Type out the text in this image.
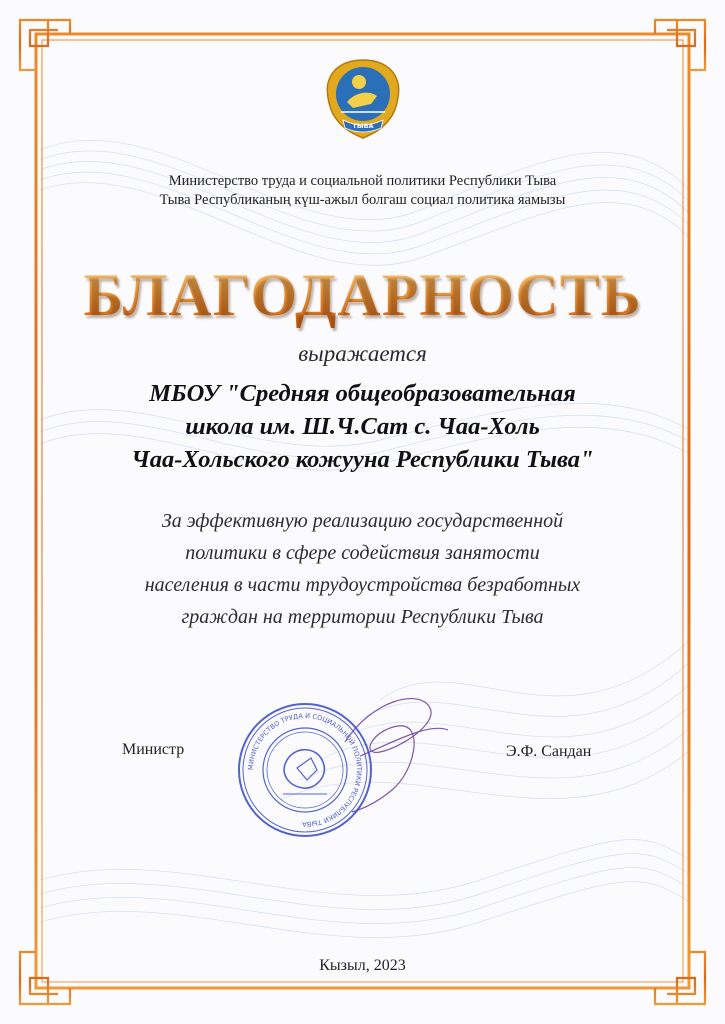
ТЫВА
МИНИСТЕРСТВО ТРУДА И СОЦИАЛЬНОЙ ПОЛИТИКИ РЕСПУБЛИКИ ТЫВА
Министерство труда и социальной политики Республики Тыва
Тыва Республиканың күш-ажыл болгаш социал политика яамызы
БЛАГОДАРНОСТЬ
выражается
МБОУ "Средняя общеобразовательная
школа им. Ш.Ч.Сат с. Чаа-Холь
Чаа-Хольского кожууна Республики Тыва"
За эффективную реализацию государственной
политики в сфере содействия занятости
населения в части трудоустройства безработных
граждан на территории Республики Тыва
Министр	Э.Ф. Сандан
Кызыл, 2023
